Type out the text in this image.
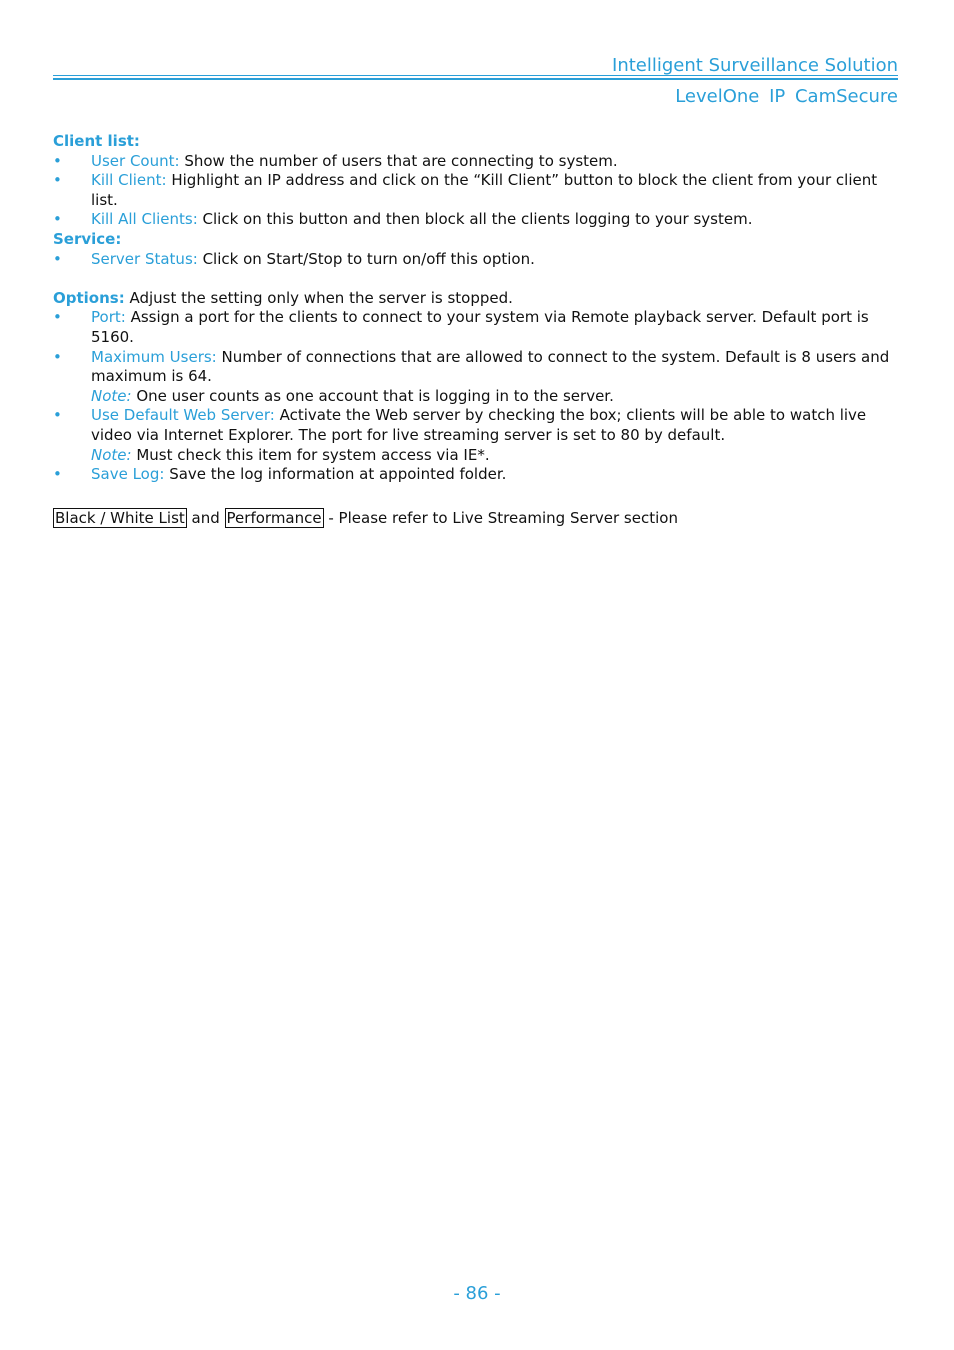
Intelligent Surveillance Solution
LevelOne IP CamSecure
Client list:
• User Count: Show the number of users that are connecting to system.
• Kill Client: Highlight an IP address and click on the “Kill Client” button to block the client from your client list.
• Kill All Clients: Click on this button and then block all the clients logging to your system.
Service:
• Server Status: Click on Start/Stop to turn on/off this option.
Options: Adjust the setting only when the server is stopped.
• Port: Assign a port for the clients to connect to your system via Remote playback server. Default port is 5160.
• Maximum Users: Number of connections that are allowed to connect to the system. Default is 8 users and maximum is 64.
Note: One user counts as one account that is logging in to the server.
• Use Default Web Server: Activate the Web server by checking the box; clients will be able to watch live video via Internet Explorer. The port for live streaming server is set to 80 by default.
Note: Must check this item for system access via IE*.
• Save Log: Save the log information at appointed folder.
Black / White List and Performance - Please refer to Live Streaming Server section
- 86 -
